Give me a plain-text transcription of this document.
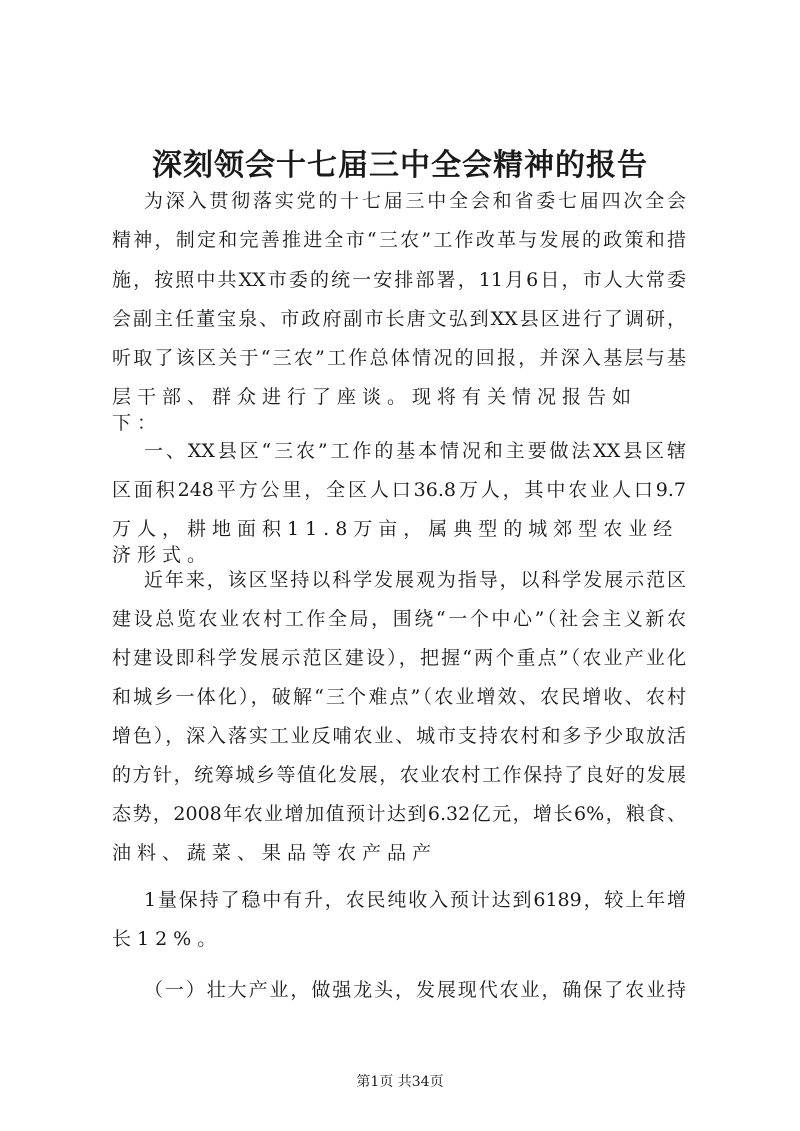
深刻领会十七届三中全会精神的报告
为深入贯彻落实党的十七届三中全会和省委七届四次全会
精神，制定和完善推进全市“三农”工作改革与发展的政策和措
施，按照中共XX市委的统一安排部署，11月6日，市人大常委
会副主任董宝泉、市政府副市长唐文弘到XX县区进行了调研，
听取了该区关于“三农”工作总体情况的回报，并深入基层与基
层干部、群众进行了座谈。现将有关情况报告如下：
一、XX县区“三农”工作的基本情况和主要做法XX县区辖
区面积248平方公里，全区人口36.8万人，其中农业人口9.7
万人，耕地面积11.8万亩，属典型的城郊型农业经济形式。
近年来，该区坚持以科学发展观为指导，以科学发展示范区
建设总览农业农村工作全局，围绕“一个中心”（社会主义新农
村建设即科学发展示范区建设），把握“两个重点”（农业产业化
和城乡一体化），破解“三个难点”（农业增效、农民增收、农村
增色），深入落实工业反哺农业、城市支持农村和多予少取放活
的方针，统筹城乡等值化发展，农业农村工作保持了良好的发展
态势，2008年农业增加值预计达到6.32亿元，增长6%，粮食、
油料、蔬菜、果品等农产品产
1量保持了稳中有升，农民纯收入预计达到6189，较上年增
长12%。
（一）壮大产业，做强龙头，发展现代农业，确保了农业持
第1页 共34页
